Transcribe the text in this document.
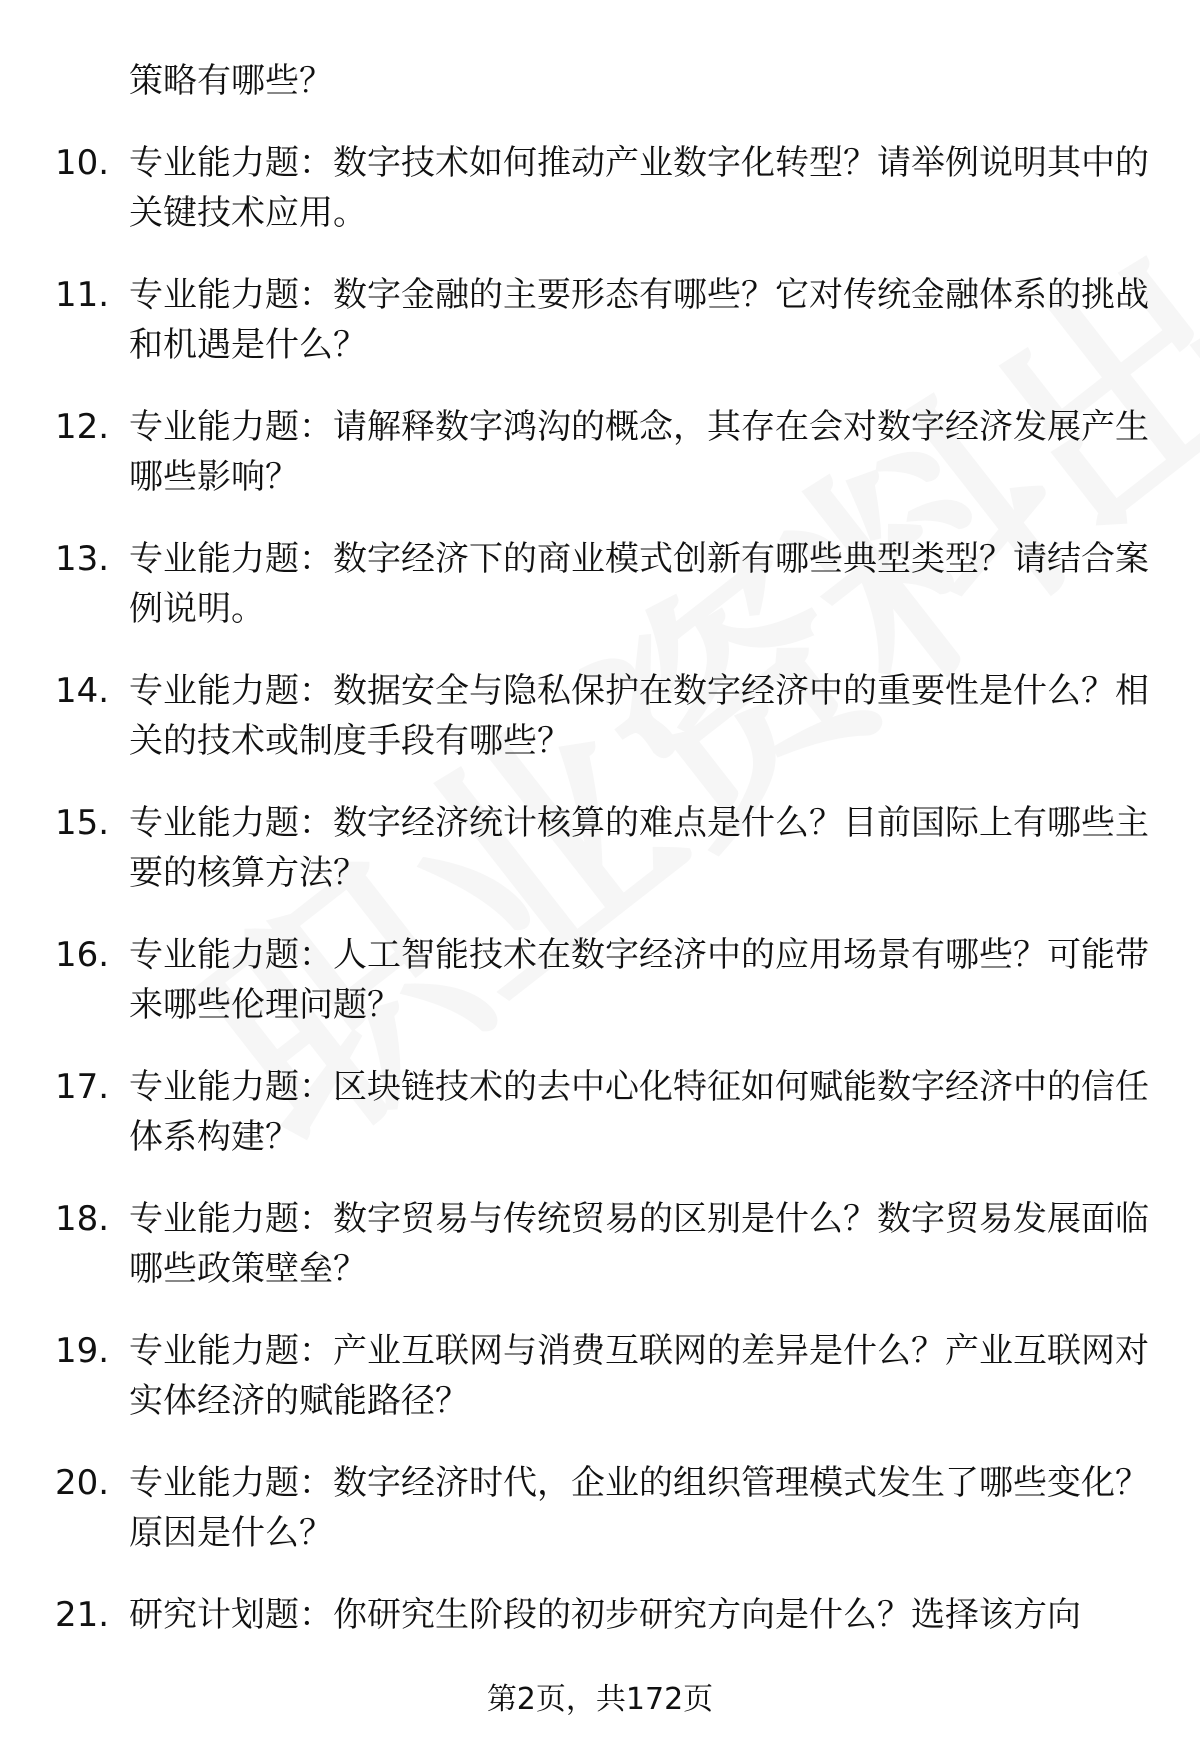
策略有哪些？
10. 专业能力题：数字技术如何推动产业数字化转型？请举例说明其中的关键技术应用。
11. 专业能力题：数字金融的主要形态有哪些？它对传统金融体系的挑战和机遇是什么？
12. 专业能力题：请解释数字鸿沟的概念，其存在会对数字经济发展产生哪些影响？
13. 专业能力题：数字经济下的商业模式创新有哪些典型类型？请结合案例说明。
14. 专业能力题：数据安全与隐私保护在数字经济中的重要性是什么？相关的技术或制度手段有哪些？
15. 专业能力题：数字经济统计核算的难点是什么？目前国际上有哪些主要的核算方法？
16. 专业能力题：人工智能技术在数字经济中的应用场景有哪些？可能带来哪些伦理问题？
17. 专业能力题：区块链技术的去中心化特征如何赋能数字经济中的信任体系构建？
18. 专业能力题：数字贸易与传统贸易的区别是什么？数字贸易发展面临哪些政策壁垒？
19. 专业能力题：产业互联网与消费互联网的差异是什么？产业互联网对实体经济的赋能路径？
20. 专业能力题：数字经济时代，企业的组织管理模式发生了哪些变化？原因是什么？
21. 研究计划题：你研究生阶段的初步研究方向是什么？选择该方向
第2页，共172页
